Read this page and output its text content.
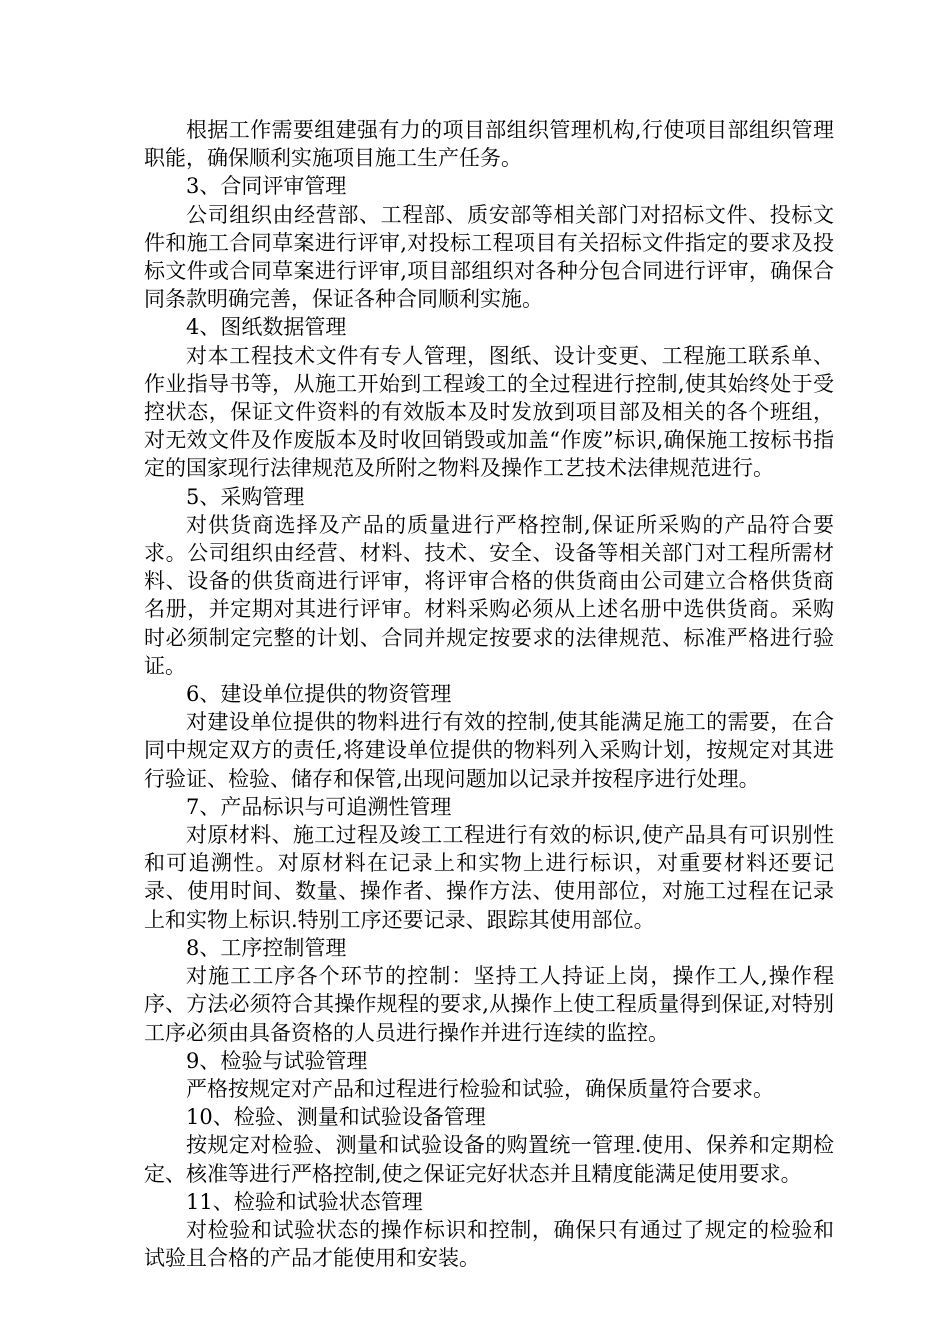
根据工作需要组建强有力的项目部组织管理机构,行使项目部组织管理职能，确保顺利实施项目施工生产任务。

3、合同评审管理

公司组织由经营部、工程部、质安部等相关部门对招标文件、投标文件和施工合同草案进行评审,对投标工程项目有关招标文件指定的要求及投标文件或合同草案进行评审,项目部组织对各种分包合同进行评审，确保合同条款明确完善，保证各种合同顺利实施。

4、图纸数据管理

对本工程技术文件有专人管理，图纸、设计变更、工程施工联系单、作业指导书等，从施工开始到工程竣工的全过程进行控制,使其始终处于受控状态，保证文件资料的有效版本及时发放到项目部及相关的各个班组，对无效文件及作废版本及时收回销毁或加盖“作废”标识,确保施工按标书指定的国家现行法律规范及所附之物料及操作工艺技术法律规范进行。

5、采购管理

对供货商选择及产品的质量进行严格控制,保证所采购的产品符合要求。公司组织由经营、材料、技术、安全、设备等相关部门对工程所需材料、设备的供货商进行评审，将评审合格的供货商由公司建立合格供货商名册，并定期对其进行评审。材料采购必须从上述名册中选供货商。采购时必须制定完整的计划、合同并规定按要求的法律规范、标准严格进行验证。

6、建设单位提供的物资管理

对建设单位提供的物料进行有效的控制,使其能满足施工的需要，在合同中规定双方的责任,将建设单位提供的物料列入采购计划，按规定对其进行验证、检验、储存和保管,出现问题加以记录并按程序进行处理。

7、产品标识与可追溯性管理

对原材料、施工过程及竣工工程进行有效的标识,使产品具有可识别性和可追溯性。对原材料在记录上和实物上进行标识，对重要材料还要记录、使用时间、数量、操作者、操作方法、使用部位，对施工过程在记录上和实物上标识.特别工序还要记录、跟踪其使用部位。

8、工序控制管理

对施工工序各个环节的控制：坚持工人持证上岗，操作工人,操作程序、方法必须符合其操作规程的要求,从操作上使工程质量得到保证,对特别工序必须由具备资格的人员进行操作并进行连续的监控。

9、检验与试验管理

严格按规定对产品和过程进行检验和试验，确保质量符合要求。

10、检验、测量和试验设备管理

按规定对检验、测量和试验设备的购置统一管理.使用、保养和定期检定、核准等进行严格控制,使之保证完好状态并且精度能满足使用要求。

11、检验和试验状态管理

对检验和试验状态的操作标识和控制，确保只有通过了规定的检验和试验且合格的产品才能使用和安装。
